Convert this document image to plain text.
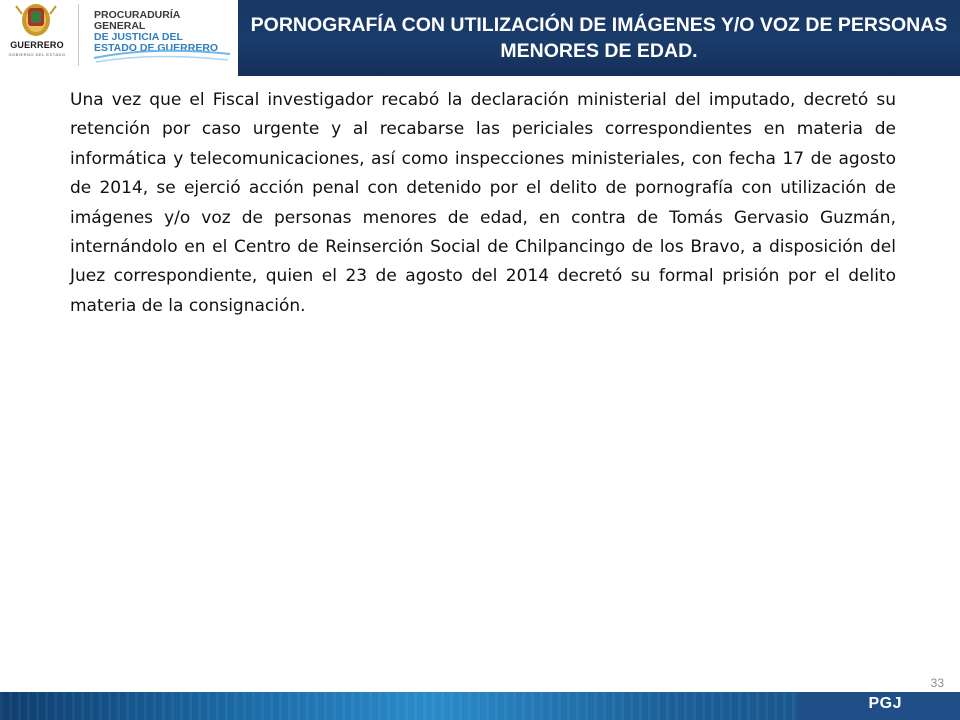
GUERRERO
GOBIERNO DEL ESTADO
PROCURADURÍA GENERAL
DE JUSTICIA DEL
ESTADO DE GUERRERO
PORNOGRAFÍA CON UTILIZACIÓN DE IMÁGENES Y/O VOZ DE PERSONAS MENORES DE EDAD.

Una vez que el Fiscal investigador recabó la declaración ministerial del imputado, decretó su retención por caso urgente y al recabarse las periciales correspondientes en materia de informática y telecomunicaciones, así como inspecciones ministeriales, con fecha 17 de agosto de 2014, se ejerció acción penal con detenido por el delito de pornografía con utilización de imágenes y/o voz de personas menores de edad, en contra de Tomás Gervasio Guzmán, internándolo en el Centro de Reinserción Social de Chilpancingo de los Bravo, a disposición del Juez correspondiente, quien el 23 de agosto del 2014 decretó su formal prisión por el delito materia de la consignación.

33
PGJ
